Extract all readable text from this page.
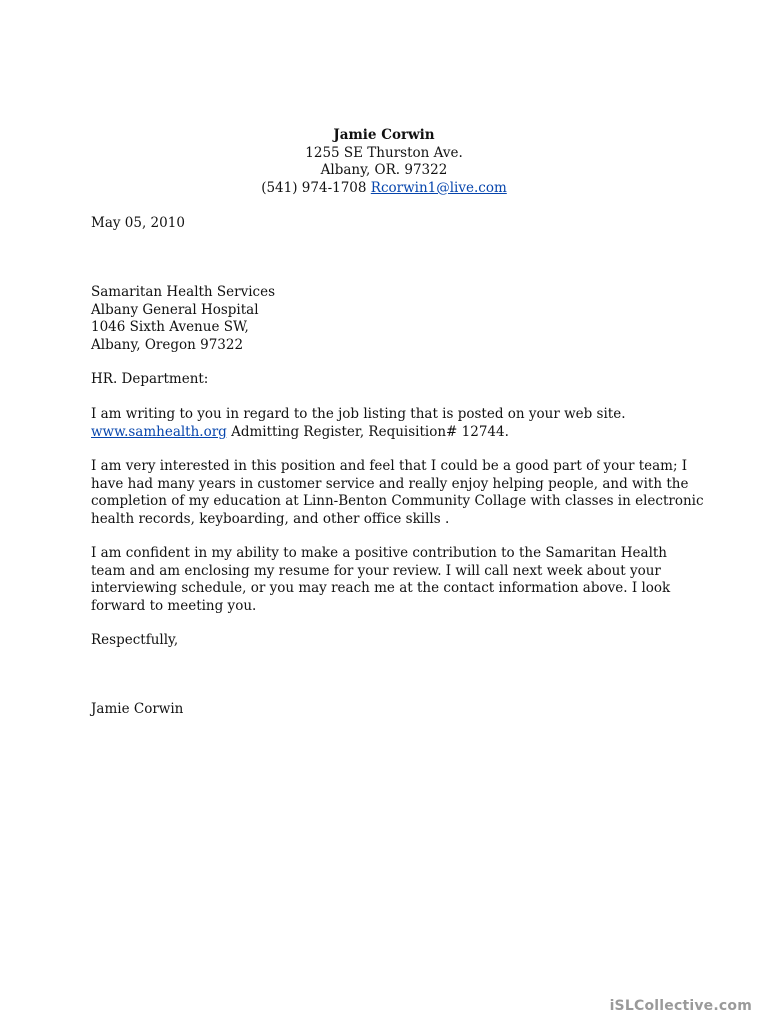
Jamie Corwin
1255 SE Thurston Ave.
Albany, OR. 97322
(541) 974-1708 Rcorwin1@live.com
May 05, 2010
Samaritan Health Services
Albany General Hospital
1046 Sixth Avenue SW,
Albany, Oregon 97322
HR. Department:
I am writing to you in regard to the job listing that is posted on your web site.
www.samhealth.org Admitting Register, Requisition# 12744.
I am very interested in this position and feel that I could be a good part of your team; I
have had many years in customer service and really enjoy helping people, and with the
completion of my education at Linn-Benton Community Collage with classes in electronic
health records, keyboarding, and other office skills .
I am confident in my ability to make a positive contribution to the Samaritan Health
team and am enclosing my resume for your review. I will call next week about your
interviewing schedule, or you may reach me at the contact information above. I look
forward to meeting you.
Respectfully,
Jamie Corwin
iSLCollective.com
